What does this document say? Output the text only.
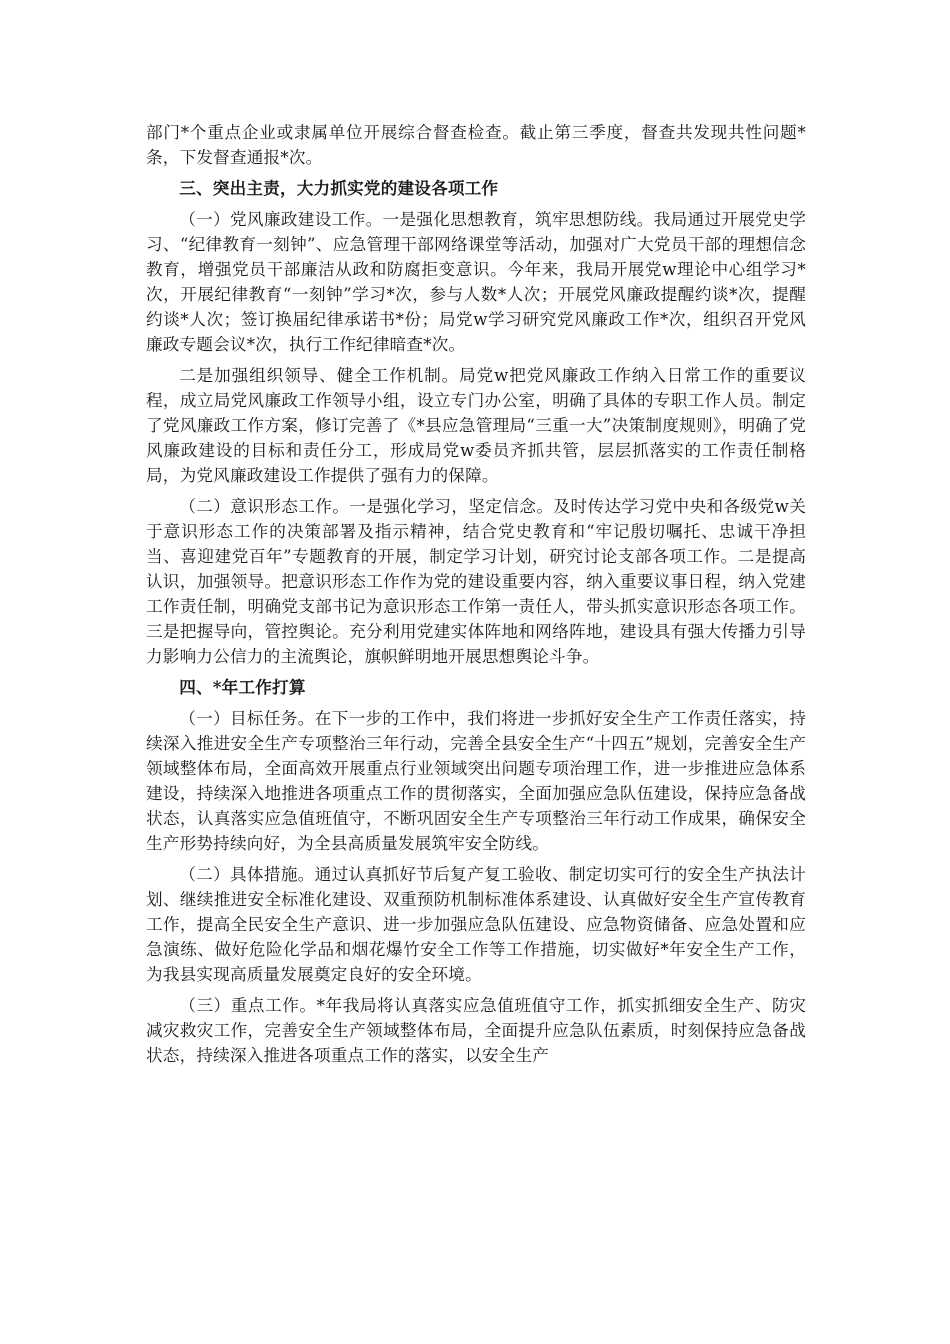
部门*个重点企业或隶属单位开展综合督查检查。截止第三季度，督查共发现共性问题*条，下发督查通报*次。

三、突出主责，大力抓实党的建设各项工作

（一）党风廉政建设工作。一是强化思想教育，筑牢思想防线。我局通过开展党史学习、“纪律教育一刻钟”、应急管理干部网络课堂等活动，加强对广大党员干部的理想信念教育，增强党员干部廉洁从政和防腐拒变意识。今年来，我局开展党w理论中心组学习*次，开展纪律教育“一刻钟”学习*次，参与人数*人次；开展党风廉政提醒约谈*次，提醒约谈*人次；签订换届纪律承诺书*份；局党w学习研究党风廉政工作*次，组织召开党风廉政专题会议*次，执行工作纪律暗查*次。

二是加强组织领导、健全工作机制。局党w把党风廉政工作纳入日常工作的重要议程，成立局党风廉政工作领导小组，设立专门办公室，明确了具体的专职工作人员。制定了党风廉政工作方案，修订完善了《*县应急管理局“三重一大”决策制度规则》，明确了党风廉政建设的目标和责任分工，形成局党w委员齐抓共管，层层抓落实的工作责任制格局，为党风廉政建设工作提供了强有力的保障。

（二）意识形态工作。一是强化学习，坚定信念。及时传达学习党中央和各级党w关于意识形态工作的决策部署及指示精神，结合党史教育和“牢记殷切嘱托、忠诚干净担当、喜迎建党百年”专题教育的开展，制定学习计划，研究讨论支部各项工作。二是提高认识，加强领导。把意识形态工作作为党的建设重要内容，纳入重要议事日程，纳入党建工作责任制，明确党支部书记为意识形态工作第一责任人，带头抓实意识形态各项工作。三是把握导向，管控舆论。充分利用党建实体阵地和网络阵地，建设具有强大传播力引导力影响力公信力的主流舆论，旗帜鲜明地开展思想舆论斗争。

四、*年工作打算

（一）目标任务。在下一步的工作中，我们将进一步抓好安全生产工作责任落实，持续深入推进安全生产专项整治三年行动，完善全县安全生产“十四五”规划，完善安全生产领域整体布局，全面高效开展重点行业领域突出问题专项治理工作，进一步推进应急体系建设，持续深入地推进各项重点工作的贯彻落实，全面加强应急队伍建设，保持应急备战状态，认真落实应急值班值守，不断巩固安全生产专项整治三年行动工作成果，确保安全生产形势持续向好，为全县高质量发展筑牢安全防线。

（二）具体措施。通过认真抓好节后复产复工验收、制定切实可行的安全生产执法计划、继续推进安全标准化建设、双重预防机制标准体系建设、认真做好安全生产宣传教育工作，提高全民安全生产意识、进一步加强应急队伍建设、应急物资储备、应急处置和应急演练、做好危险化学品和烟花爆竹安全工作等工作措施，切实做好*年安全生产工作，为我县实现高质量发展奠定良好的安全环境。

（三）重点工作。*年我局将认真落实应急值班值守工作，抓实抓细安全生产、防灾减灾救灾工作，完善安全生产领域整体布局，全面提升应急队伍素质，时刻保持应急备战状态，持续深入推进各项重点工作的落实，以安全生产
